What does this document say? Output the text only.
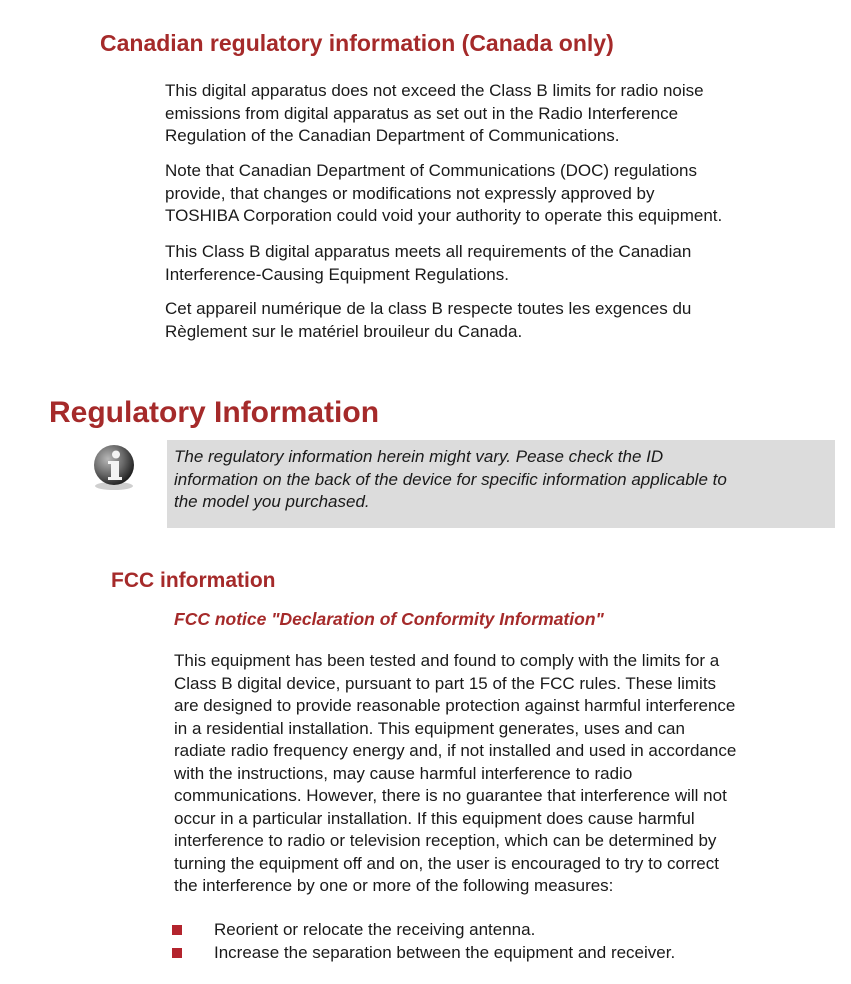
Canadian regulatory information (Canada only)

This digital apparatus does not exceed the Class B limits for radio noise
emissions from digital apparatus as set out in the Radio Interference
Regulation of the Canadian Department of Communications.

Note that Canadian Department of Communications (DOC) regulations
provide, that changes or modifications not expressly approved by
TOSHIBA Corporation could void your authority to operate this equipment.

This Class B digital apparatus meets all requirements of the Canadian
Interference-Causing Equipment Regulations.

Cet appareil numérique de la class B respecte toutes les exgences du
Règlement sur le matériel brouileur du Canada.

Regulatory Information

The regulatory information herein might vary. Pease check the ID
information on the back of the device for specific information applicable to
the model you purchased.

FCC information
FCC notice "Declaration of Conformity Information"

This equipment has been tested and found to comply with the limits for a
Class B digital device, pursuant to part 15 of the FCC rules. These limits
are designed to provide reasonable protection against harmful interference
in a residential installation. This equipment generates, uses and can
radiate radio frequency energy and, if not installed and used in accordance
with the instructions, may cause harmful interference to radio
communications. However, there is no guarantee that interference will not
occur in a particular installation. If this equipment does cause harmful
interference to radio or television reception, which can be determined by
turning the equipment off and on, the user is encouraged to try to correct
the interference by one or more of the following measures:

Reorient or relocate the receiving antenna.
Increase the separation between the equipment and receiver.
